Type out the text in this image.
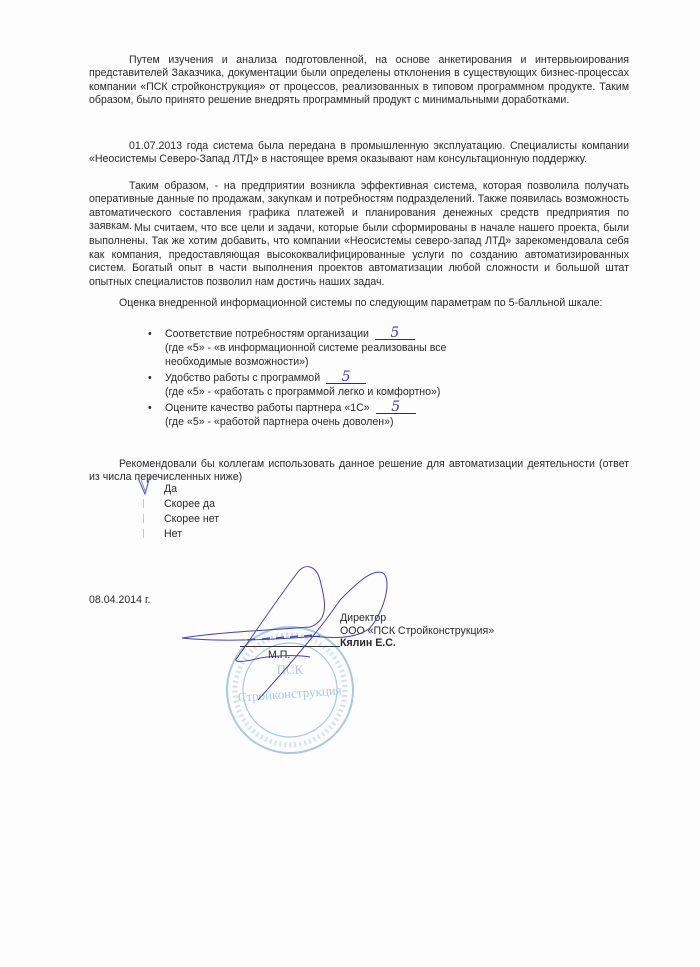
Путем изучения и анализа подготовленной, на основе анкетирования и интервьюирования представителей Заказчика, документации были определены отклонения в существующих бизнес-процессах компании «ПСК стройконструкция» от процессов, реализованных в типовом программном продукте. Таким образом, было принято решение внедрять программный продукт с минимальными доработками.

01.07.2013 года система была передана в промышленную эксплуатацию. Специалисты компании «Неосистемы Северо-Запад ЛТД» в настоящее время оказывают нам консультационную поддержку.

Таким образом, - на предприятии возникла эффективная система, которая позволила получать оперативные данные по продажам, закупкам и потребностям подразделений. Также появилась возможность автоматического составления графика платежей и планирования денежных средств предприятия по заявкам. Мы считаем, что все цели и задачи, которые были сформированы в начале нашего проекта, были выполнены. Так же хотим добавить, что компании «Неосистемы северо-запад ЛТД» зарекомендовала себя как компания, предоставляющая высококвалифицированные услуги по созданию автоматизированных систем. Богатый опыт в части выполнения проектов автоматизации любой сложности и большой штат опытных специалистов позволил нам достичь наших задач.

Оценка внедренной информационной системы по следующим параметрам по 5-балльной шкале:

• Соответствие потребностям организации 5
(где «5» - «в информационной системе реализованы все необходимые возможности»)
• Удобство работы с программой 5
(где «5» - «работать с программой легко и комфортно»)
• Оцените качество работы партнера «1С» 5
(где «5» - «работой партнера очень доволен»)

Рекомендовали бы коллегам использовать данное решение для автоматизации деятельности (ответ из числа перечисленных ниже)

Да
Скорее да
Скорее нет
Нет
08.04.2014 г.
ПСК
Стройконструкция
М.П.
Директор
ООО «ПСК Стройконструкция»
Кялин Е.С.
